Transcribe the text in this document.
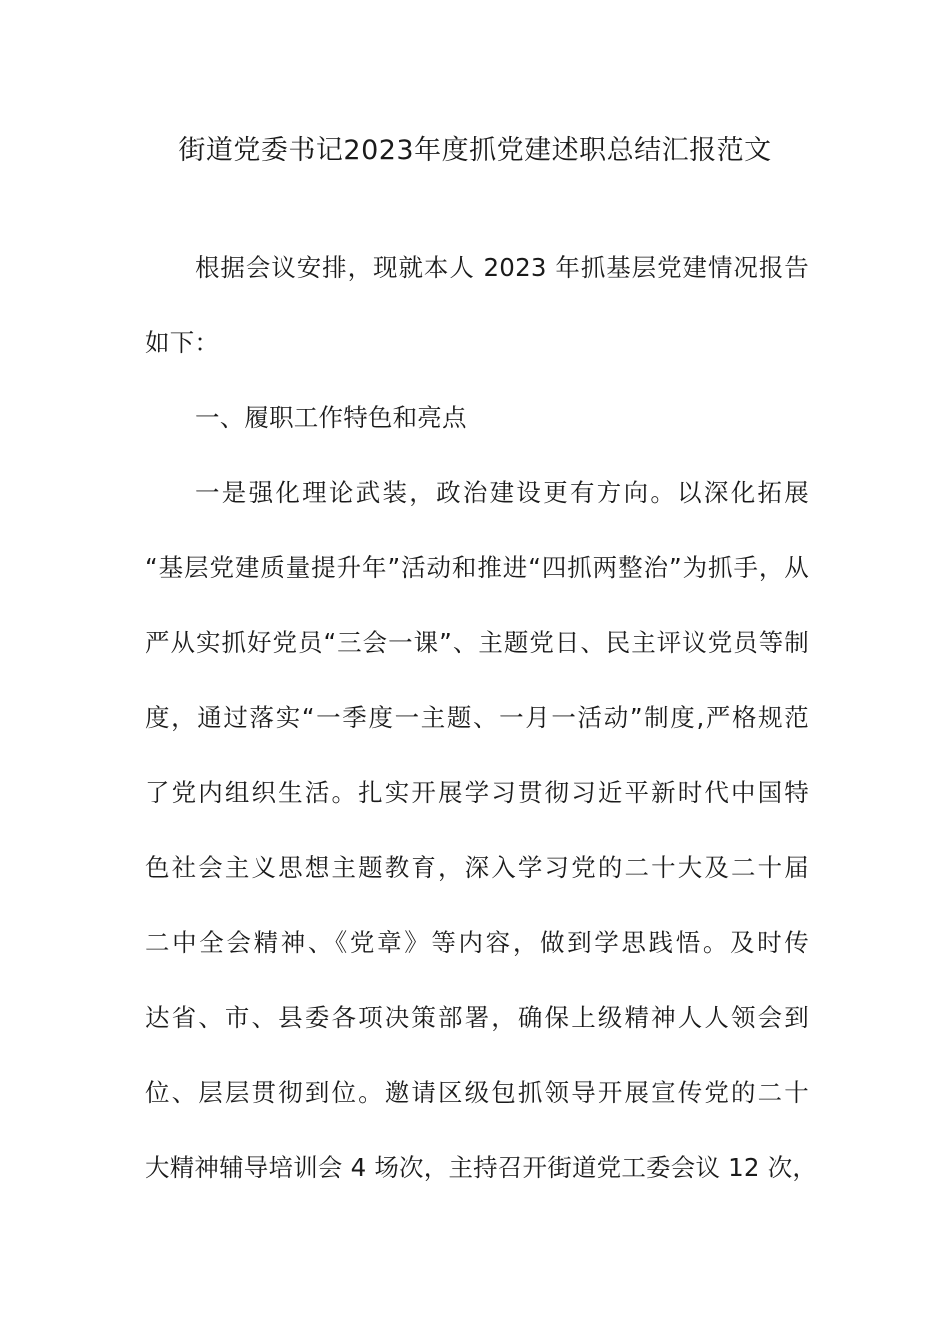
街道党委书记2023年度抓党建述职总结汇报范文
根据会议安排，现就本人 2023 年抓基层党建情况报告
如下：
一、履职工作特色和亮点
一是强化理论武装，政治建设更有方向。以深化拓展
“基层党建质量提升年”活动和推进“四抓两整治”为抓手，从
严从实抓好党员“三会一课”、主题党日、民主评议党员等制
度，通过落实“一季度一主题、一月一活动”制度,严格规范
了党内组织生活。扎实开展学习贯彻习近平新时代中国特
色社会主义思想主题教育，深入学习党的二十大及二十届
二中全会精神、《党章》等内容，做到学思践悟。及时传
达省、市、县委各项决策部署，确保上级精神人人领会到
位、层层贯彻到位。邀请区级包抓领导开展宣传党的二十
大精神辅导培训会 4 场次，主持召开街道党工委会议 12 次，
